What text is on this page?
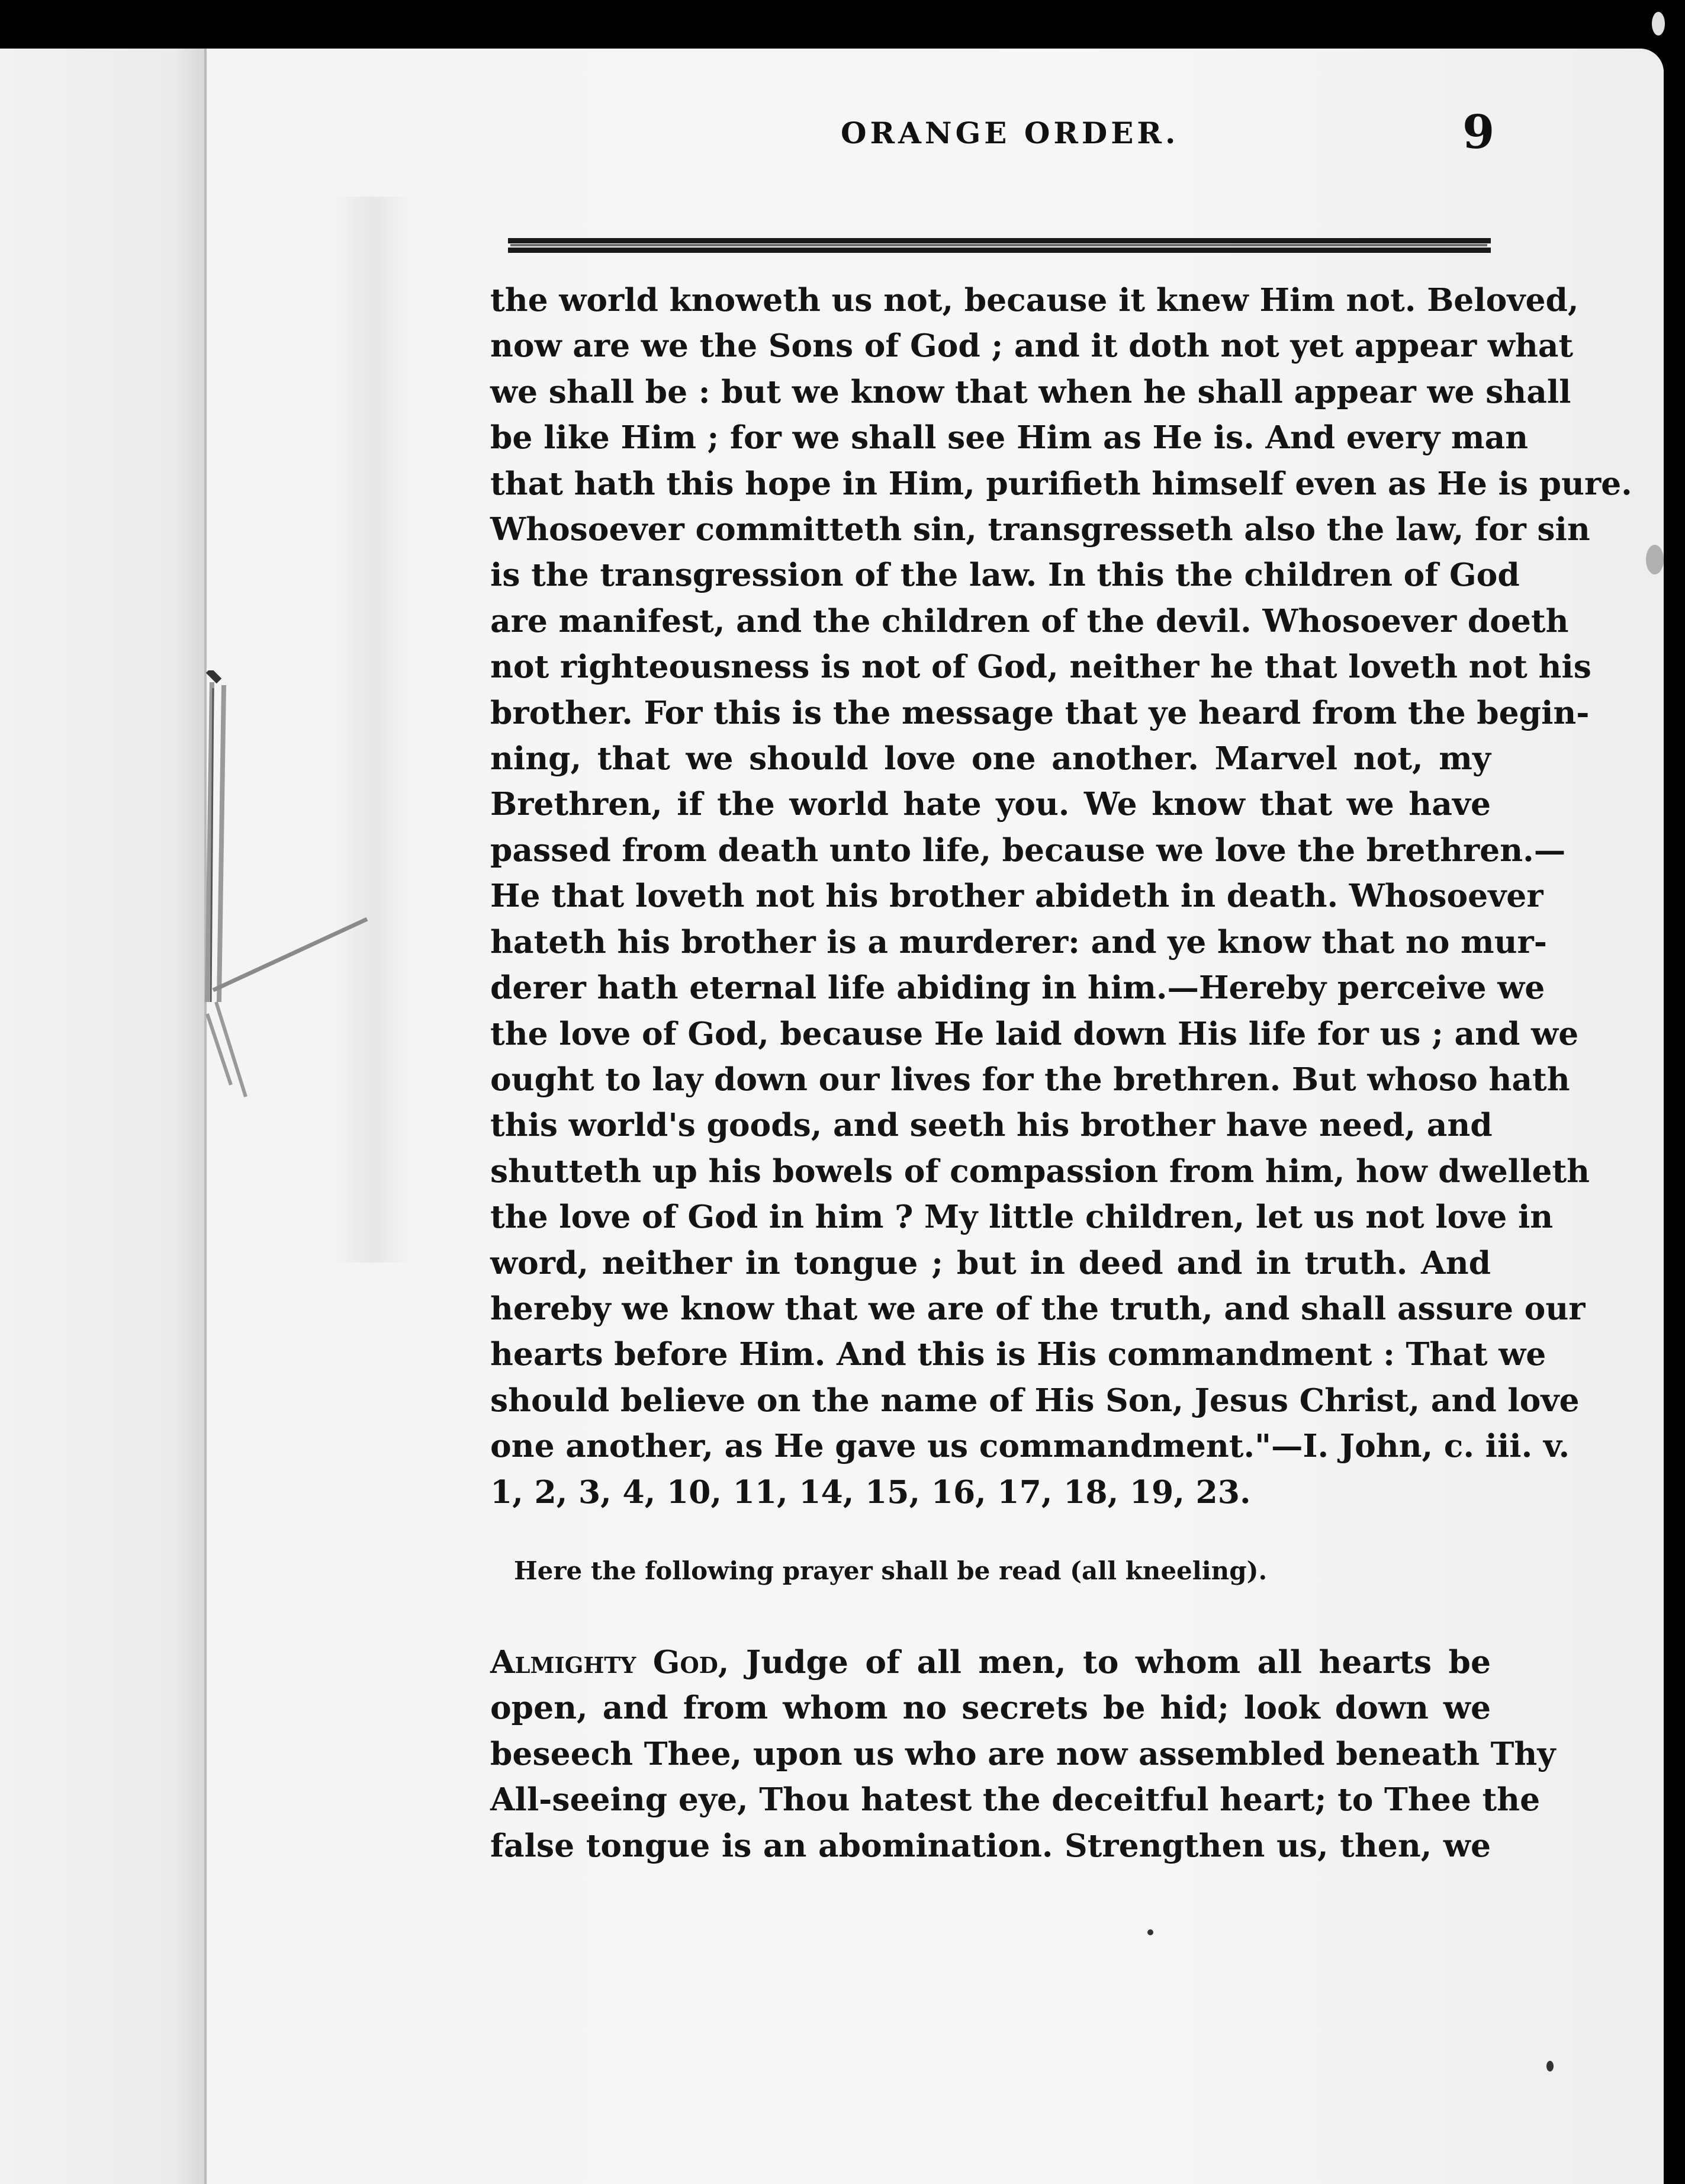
ORANGE ORDER.	9
the world knoweth us not, because it knew Him not. Beloved,
now are we the Sons of God ; and it doth not yet appear what
we shall be : but we know that when he shall appear we shall
be like Him ; for we shall see Him as He is. And every man
that hath this hope in Him, purifieth himself even as He is pure.
Whosoever committeth sin, transgresseth also the law, for sin
is the transgression of the law. In this the children of God
are manifest, and the children of the devil. Whosoever doeth
not righteousness is not of God, neither he that loveth not his
brother. For this is the message that ye heard from the begin-
ning, that we should love one another. Marvel not, my
Brethren, if the world hate you. We know that we have
passed from death unto life, because we love the brethren.—
He that loveth not his brother abideth in death. Whosoever
hateth his brother is a murderer: and ye know that no mur-
derer hath eternal life abiding in him.—Hereby perceive we
the love of God, because He laid down His life for us ; and we
ought to lay down our lives for the brethren. But whoso hath
this world's goods, and seeth his brother have need, and
shutteth up his bowels of compassion from him, how dwelleth
the love of God in him ? My little children, let us not love in
word, neither in tongue ; but in deed and in truth. And
hereby we know that we are of the truth, and shall assure our
hearts before Him. And this is His commandment : That we
should believe on the name of His Son, Jesus Christ, and love
one another, as He gave us commandment."—I. John, c. iii. v.
1, 2, 3, 4, 10, 11, 14, 15, 16, 17, 18, 19, 23.
Here the following prayer shall be read (all kneeling).
Almighty God, Judge of all men, to whom all hearts be
open, and from whom no secrets be hid; look down we
beseech Thee, upon us who are now assembled beneath Thy
All-seeing eye, Thou hatest the deceitful heart; to Thee the
false tongue is an abomination. Strengthen us, then, we
